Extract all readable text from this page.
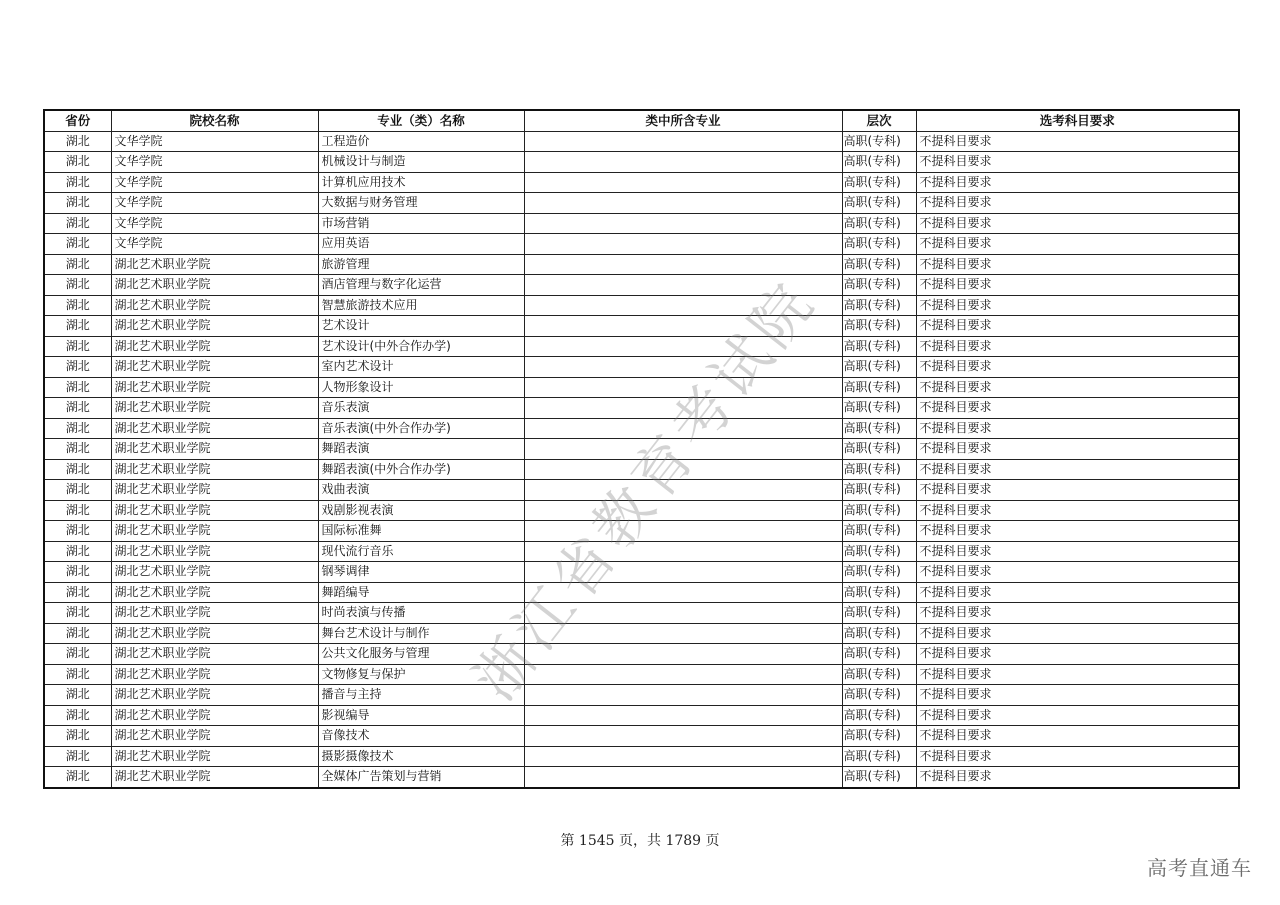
省份	院校名称	专业（类）名称	类中所含专业	层次	选考科目要求
湖北	文华学院	工程造价		高职(专科)	不提科目要求
湖北	文华学院	机械设计与制造		高职(专科)	不提科目要求
湖北	文华学院	计算机应用技术		高职(专科)	不提科目要求
湖北	文华学院	大数据与财务管理		高职(专科)	不提科目要求
湖北	文华学院	市场营销		高职(专科)	不提科目要求
湖北	文华学院	应用英语		高职(专科)	不提科目要求
湖北	湖北艺术职业学院	旅游管理		高职(专科)	不提科目要求
湖北	湖北艺术职业学院	酒店管理与数字化运营		高职(专科)	不提科目要求
湖北	湖北艺术职业学院	智慧旅游技术应用		高职(专科)	不提科目要求
湖北	湖北艺术职业学院	艺术设计		高职(专科)	不提科目要求
湖北	湖北艺术职业学院	艺术设计(中外合作办学)		高职(专科)	不提科目要求
湖北	湖北艺术职业学院	室内艺术设计		高职(专科)	不提科目要求
湖北	湖北艺术职业学院	人物形象设计		高职(专科)	不提科目要求
湖北	湖北艺术职业学院	音乐表演		高职(专科)	不提科目要求
湖北	湖北艺术职业学院	音乐表演(中外合作办学)		高职(专科)	不提科目要求
湖北	湖北艺术职业学院	舞蹈表演		高职(专科)	不提科目要求
湖北	湖北艺术职业学院	舞蹈表演(中外合作办学)		高职(专科)	不提科目要求
湖北	湖北艺术职业学院	戏曲表演		高职(专科)	不提科目要求
湖北	湖北艺术职业学院	戏剧影视表演		高职(专科)	不提科目要求
湖北	湖北艺术职业学院	国际标准舞		高职(专科)	不提科目要求
湖北	湖北艺术职业学院	现代流行音乐		高职(专科)	不提科目要求
湖北	湖北艺术职业学院	钢琴调律		高职(专科)	不提科目要求
湖北	湖北艺术职业学院	舞蹈编导		高职(专科)	不提科目要求
湖北	湖北艺术职业学院	时尚表演与传播		高职(专科)	不提科目要求
湖北	湖北艺术职业学院	舞台艺术设计与制作		高职(专科)	不提科目要求
湖北	湖北艺术职业学院	公共文化服务与管理		高职(专科)	不提科目要求
湖北	湖北艺术职业学院	文物修复与保护		高职(专科)	不提科目要求
湖北	湖北艺术职业学院	播音与主持		高职(专科)	不提科目要求
湖北	湖北艺术职业学院	影视编导		高职(专科)	不提科目要求
湖北	湖北艺术职业学院	音像技术		高职(专科)	不提科目要求
湖北	湖北艺术职业学院	摄影摄像技术		高职(专科)	不提科目要求
湖北	湖北艺术职业学院	全媒体广告策划与营销		高职(专科)	不提科目要求
浙江省教育考试院
第 1545 页，共 1789 页
高考直通车
